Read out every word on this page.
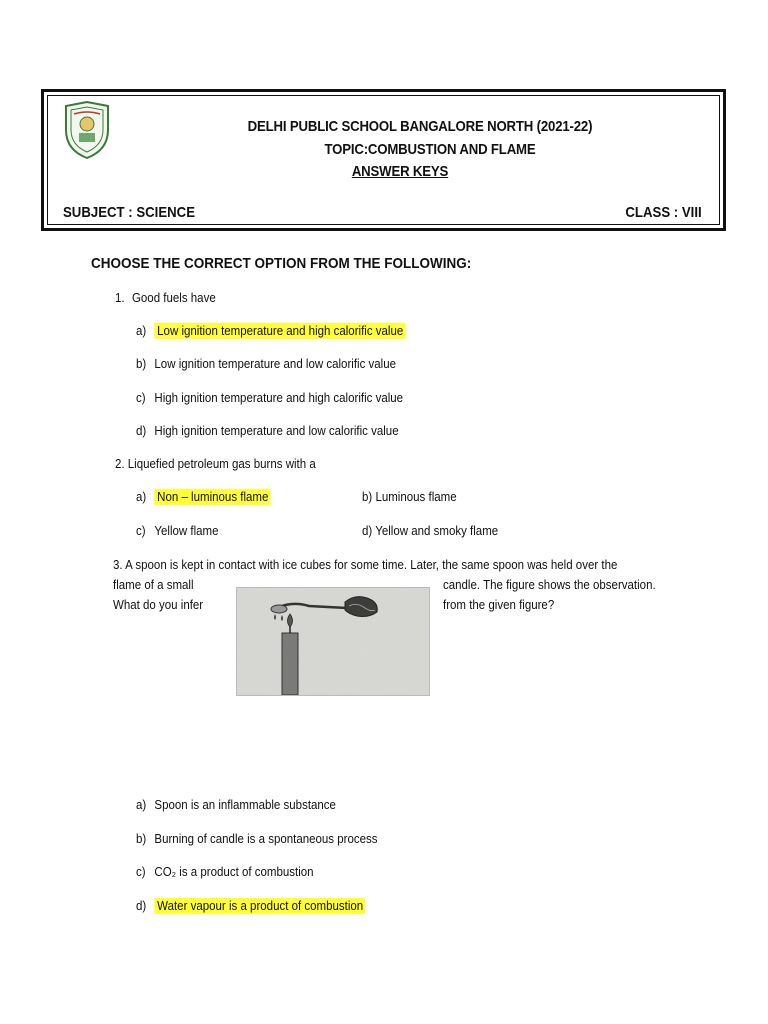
DELHI PUBLIC SCHOOL BANGALORE NORTH (2021-22)
TOPIC:COMBUSTION AND FLAME
ANSWER KEYS
SUBJECT : SCIENCE	CLASS : VIII
CHOOSE THE CORRECT OPTION FROM THE FOLLOWING:
1. Good fuels have
a) Low ignition temperature and high calorific value
b) Low ignition temperature and low calorific value
c) High ignition temperature and high calorific value
d) High ignition temperature and low calorific value
2. Liquefied petroleum gas burns with a
a) Non – luminous flame	b) Luminous flame
c) Yellow flame	d) Yellow and smoky flame
3. A spoon is kept in contact with ice cubes for some time. Later, the same spoon was held over the
flame of a small	candle. The figure shows the observation.
What do you infer	from the given figure?
a) Spoon is an inflammable substance
b) Burning of candle is a spontaneous process
c) CO₂ is a product of combustion
d) Water vapour is a product of combustion
